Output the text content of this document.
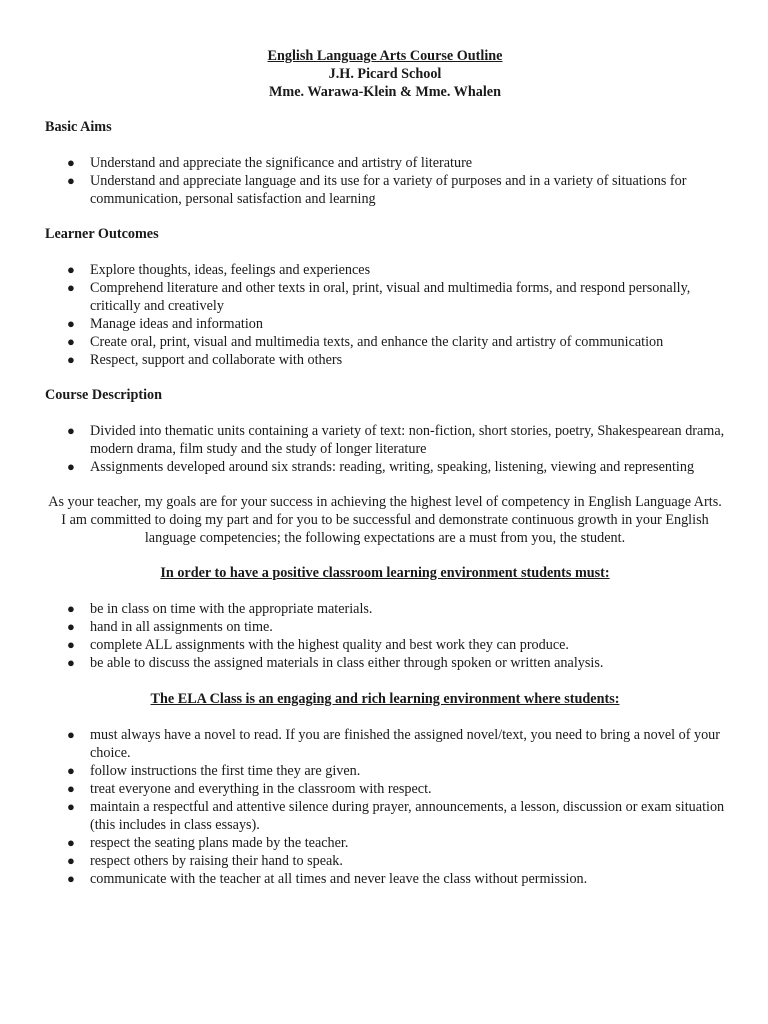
English Language Arts Course Outline
J.H. Picard School
Mme. Warawa-Klein & Mme. Whalen
Basic Aims
● Understand and appreciate the significance and artistry of literature
● Understand and appreciate language and its use for a variety of purposes and in a variety of situations for communication, personal satisfaction and learning
Learner Outcomes
● Explore thoughts, ideas, feelings and experiences
● Comprehend literature and other texts in oral, print, visual and multimedia forms, and respond personally, critically and creatively
● Manage ideas and information
● Create oral, print, visual and multimedia texts, and enhance the clarity and artistry of communication
● Respect, support and collaborate with others
Course Description
● Divided into thematic units containing a variety of text: non-fiction, short stories, poetry, Shakespearean drama, modern drama, film study and the study of longer literature
● Assignments developed around six strands: reading, writing, speaking, listening, viewing and representing

As your teacher, my goals are for your success in achieving the highest level of competency in English Language Arts. I am committed to doing my part and for you to be successful and demonstrate continuous growth in your English language competencies; the following expectations are a must from you, the student.

In order to have a positive classroom learning environment students must:
● be in class on time with the appropriate materials.
● hand in all assignments on time.
● complete ALL assignments with the highest quality and best work they can produce.
● be able to discuss the assigned materials in class either through spoken or written analysis.
The ELA Class is an engaging and rich learning environment where students:
● must always have a novel to read. If you are finished the assigned novel/text, you need to bring a novel of your choice.
● follow instructions the first time they are given.
● treat everyone and everything in the classroom with respect.
● maintain a respectful and attentive silence during prayer, announcements, a lesson, discussion or exam situation (this includes in class essays).
● respect the seating plans made by the teacher.
● respect others by raising their hand to speak.
● communicate with the teacher at all times and never leave the class without permission.
